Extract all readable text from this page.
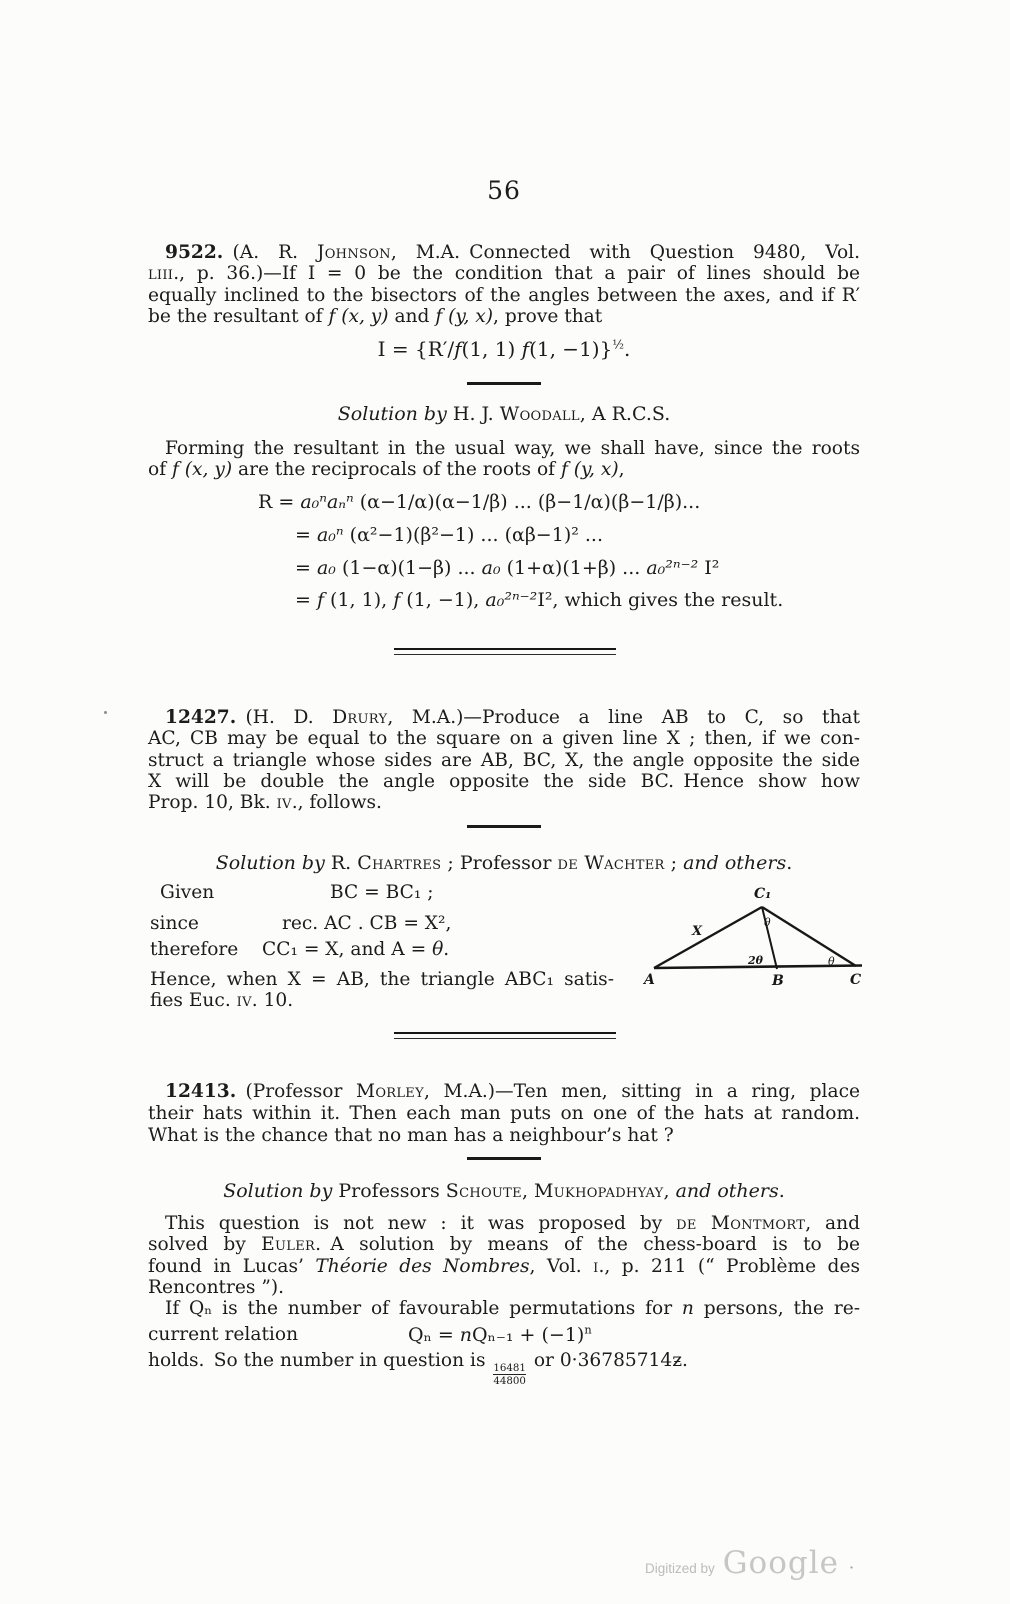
56
9522. (A. R. Johnson, M.A. Connected with Question 9480, Vol.
liii., p. 36.)—If I = 0 be the condition that a pair of lines should be
equally inclined to the bisectors of the angles between the axes, and if R′
be the resultant of f (x, y) and f (y, x), prove that
I = {R′/f(1, 1) f(1, −1)}$^{\frac{1}{2}}$.
Solution by H. J. Woodall, A R.C.S.
Forming the resultant in the usual way, we shall have, since the roots
of f (x, y) are the reciprocals of the roots of f (y, x),
R = a₀ⁿaₙⁿ (α−1/α)(α−1/β) ... (β−1/α)(β−1/β)...
= a₀ⁿ (α²−1)(β²−1) ... (αβ−1)² ...
= a₀ (1−α)(1−β) ... a₀ (1+α)(1+β) ... a₀²ⁿ⁻² I²
= f (1, 1), f (1, −1), a₀²ⁿ⁻²I², which gives the result.
12427. (H. D. Drury, M.A.)—Produce a line AB to C, so that
AC, CB may be equal to the square on a given line X ; then, if we con-
struct a triangle whose sides are AB, BC, X, the angle opposite the side
X will be double the angle opposite the side BC. Hence show how
Prop. 10, Bk. iv., follows.
Solution by R. Chartres ; Professor de Wachter ; and others.
Given	BC = BC₁ ;
since	rec. AC . CB = X²,
therefore CC₁ = X, and A = θ.
Hence, when X = AB, the triangle ABC₁ satis-
fies Euc. iv. 10.
A	B	C
C₁
X
θ
2θ	θ
12413. (Professor Morley, M.A.)—Ten men, sitting in a ring, place
their hats within it. Then each man puts on one of the hats at random.
What is the chance that no man has a neighbour’s hat ?
Solution by Professors Schoute, Mukhopadhyay, and others.
This question is not new : it was proposed by de Montmort, and
solved by Euler. A solution by means of the chess-board is to be
found in Lucas’ Théorie des Nombres, Vol. i., p. 211 (“ Problème des
Rencontres ”).
If Qₙ is the number of favourable permutations for n persons, the re-
current relation	$Q_n = nQ_{n-1} + (-1)^n$
holds. So the number in question is
$\frac{16481}{44800}$
or 0·36785714ƶ.
Digitized by Google ·
